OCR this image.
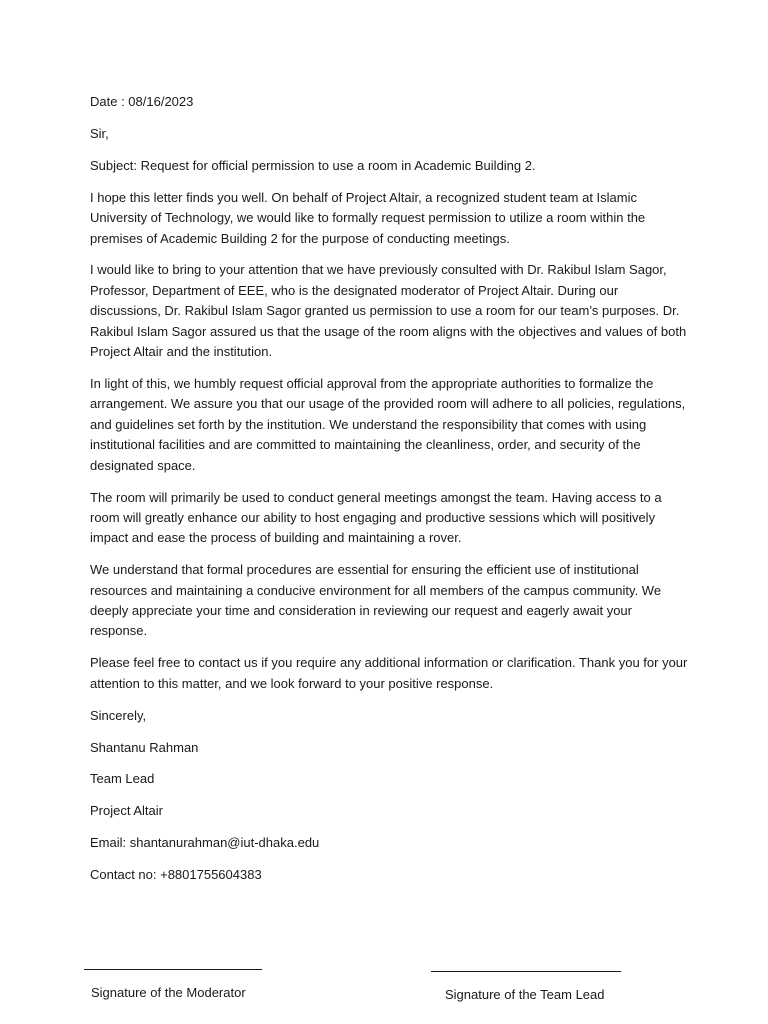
Date : 08/16/2023

Sir,

Subject: Request for official permission to use a room in Academic Building 2.

I hope this letter finds you well. On behalf of Project Altair, a recognized student team at Islamic University of Technology, we would like to formally request permission to utilize a room within the premises of Academic Building 2 for the purpose of conducting meetings.

I would like to bring to your attention that we have previously consulted with Dr. Rakibul Islam Sagor, Professor, Department of EEE, who is the designated moderator of Project Altair. During our discussions, Dr. Rakibul Islam Sagor granted us permission to use a room for our team’s purposes. Dr. Rakibul Islam Sagor assured us that the usage of the room aligns with the objectives and values of both Project Altair and the institution.

In light of this, we humbly request official approval from the appropriate authorities to formalize the arrangement. We assure you that our usage of the provided room will adhere to all policies, regulations, and guidelines set forth by the institution. We understand the responsibility that comes with using institutional facilities and are committed to maintaining the cleanliness, order, and security of the designated space.

The room will primarily be used to conduct general meetings amongst the team. Having access to a room will greatly enhance our ability to host engaging and productive sessions which will positively impact and ease the process of building and maintaining a rover.

We understand that formal procedures are essential for ensuring the efficient use of institutional resources and maintaining a conducive environment for all members of the campus community. We deeply appreciate your time and consideration in reviewing our request and eagerly await your response.

Please feel free to contact us if you require any additional information or clarification. Thank you for your attention to this matter, and we look forward to your positive response.

Sincerely,

Shantanu Rahman

Team Lead

Project Altair

Email: shantanurahman@iut-dhaka.edu

Contact no: +8801755604383

Signature of the Moderator	Signature of the Team Lead
